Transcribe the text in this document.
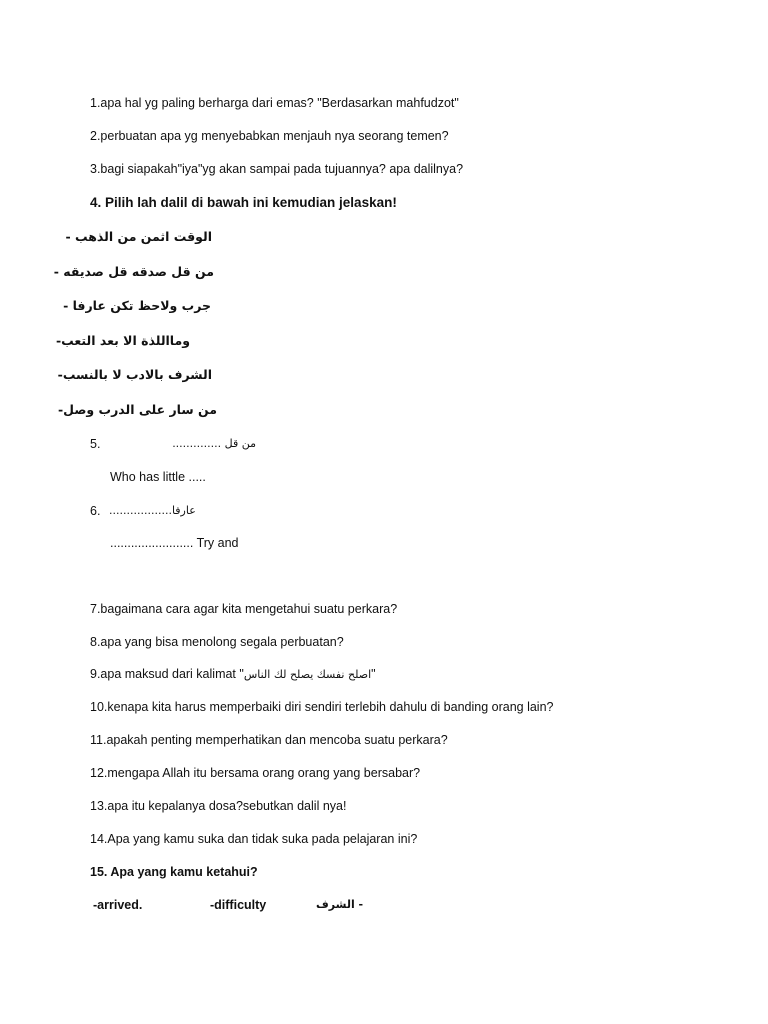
1.apa hal yg paling berharga dari emas? "Berdasarkan mahfudzot"
2.perbuatan apa yg menyebabkan menjauh nya seorang temen?
3.bagi siapakah"iya"yg akan sampai pada tujuannya? apa dalilnya?
4. Pilih lah dalil di bawah ini kemudian jelaskan!
الوقت اثمن من الذهب -
من قل صدقه قل صديقه -
جرب ولاحظ تكن عارفا -
ومااللذة الا بعد التعب-
الشرف بالادب لا بالنسب-
من سار على الدرب وصل-
5.	من قل ..............
Who has little .....
6. عارفا..................
........................ Try and
7.bagaimana cara agar kita mengetahui suatu perkara?
8.apa yang bisa menolong segala perbuatan?
9.apa maksud dari kalimat "اصلح نفسك يصلح لك الناس"
10.kenapa kita harus memperbaiki diri sendiri terlebih dahulu di banding orang lain?
11.apakah penting memperhatikan dan mencoba suatu perkara?
12.mengapa Allah itu bersama orang orang yang bersabar?
13.apa itu kepalanya dosa?sebutkan dalil nya!
14.Apa yang kamu suka dan tidak suka pada pelajaran ini?
15. Apa yang kamu ketahui?
-arrived.	-difficulty	- الشرف
